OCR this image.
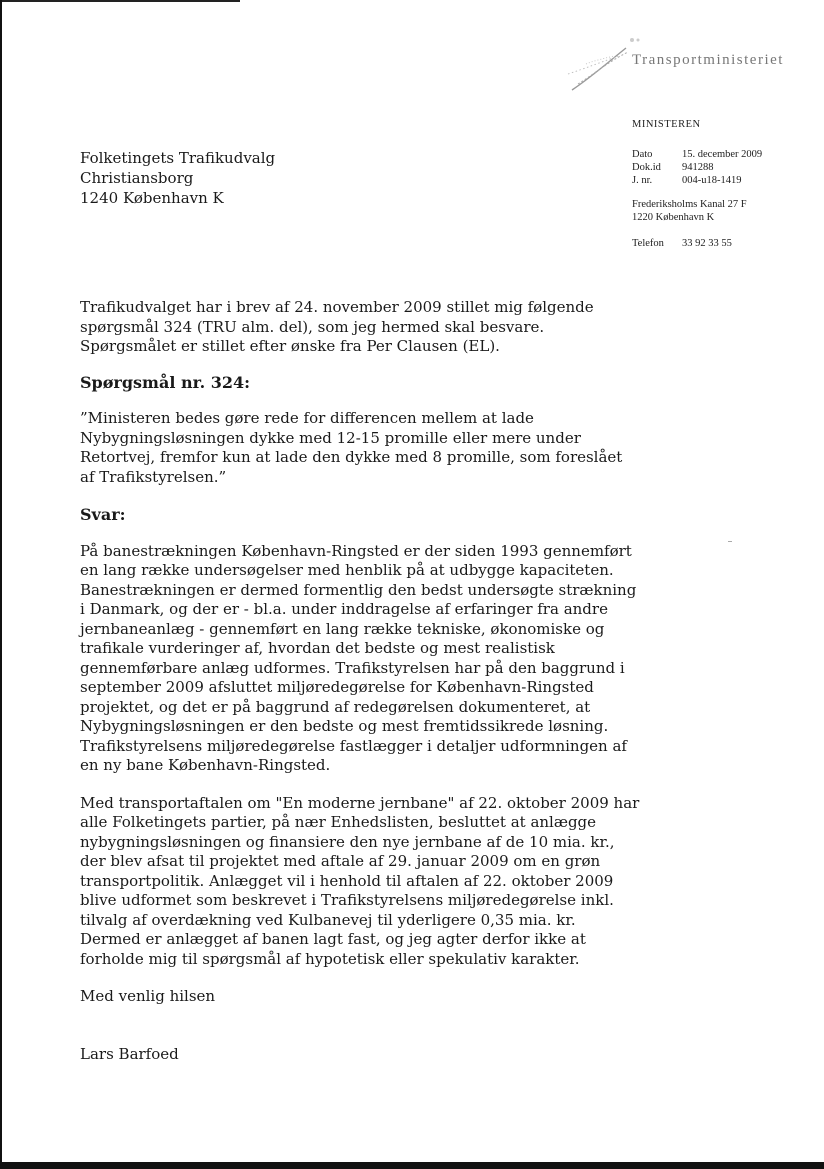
Transportministeriet
MINISTEREN
Dato	15. december 2009
Dok.id	941288
J. nr.	004-u18-1419
Frederiksholms Kanal 27 F
1220 København K
Telefon	33 92 33 55
Folketingets Trafikudvalg
Christiansborg
1240 København K

Trafikudvalget har i brev af 24. november 2009 stillet mig følgende spørgsmål 324 (TRU alm. del), som jeg hermed skal besvare. Spørgsmålet er stillet efter ønske fra Per Clausen (EL).

Spørgsmål nr. 324:

”Ministeren bedes gøre rede for differencen mellem at lade Nybygningsløsningen dykke med 12-15 promille eller mere under Retortvej, fremfor kun at lade den dykke med 8 promille, som foreslået af Trafikstyrelsen.”

Svar:

På banestrækningen København-Ringsted er der siden 1993 gennemført en lang række undersøgelser med henblik på at udbygge kapaciteten. Banestrækningen er dermed formentlig den bedst undersøgte strækning i Danmark, og der er - bl.a. under inddragelse af erfaringer fra andre jernbaneanlæg - gennemført en lang række tekniske, økonomiske og trafikale vurderinger af, hvordan det bedste og mest realistisk gennemførbare anlæg udformes. Trafikstyrelsen har på den baggrund i september 2009 afsluttet miljøredegørelse for København-Ringsted projektet, og det er på baggrund af redegørelsen dokumenteret, at Nybygningsløsningen er den bedste og mest fremtidssikrede løsning. Trafikstyrelsens miljøredegørelse fastlægger i detaljer udformningen af en ny bane København-Ringsted.

Med transportaftalen om "En moderne jernbane" af 22. oktober 2009 har alle Folketingets partier, på nær Enhedslisten, besluttet at anlægge nybygningsløsningen og finansiere den nye jernbane af de 10 mia. kr., der blev afsat til projektet med aftale af 29. januar 2009 om en grøn transportpolitik. Anlægget vil i henhold til aftalen af 22. oktober 2009 blive udformet som beskrevet i Trafikstyrelsens miljøredegørelse inkl. tilvalg af overdækning ved Kulbanevej til yderligere 0,35 mia. kr. Dermed er anlægget af banen lagt fast, og jeg agter derfor ikke at forholde mig til spørgsmål af hypotetisk eller spekulativ karakter.

Med venlig hilsen

Lars Barfoed
